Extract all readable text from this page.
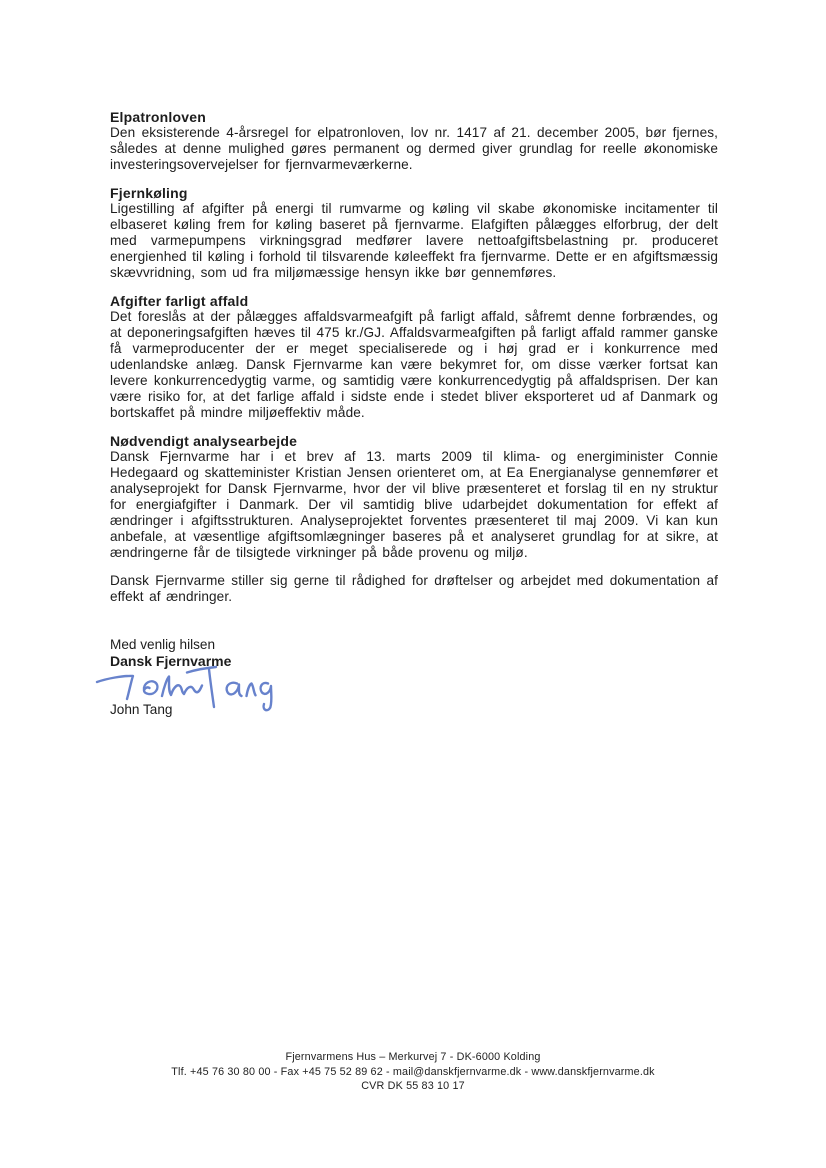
Elpatronloven

Den eksisterende 4-årsregel for elpatronloven, lov nr. 1417 af 21. december 2005, bør fjernes, således at denne mulighed gøres permanent og dermed giver grundlag for reelle økonomiske investeringsovervejelser for fjernvarmeværkerne.

Fjernkøling

Ligestilling af afgifter på energi til rumvarme og køling vil skabe økonomiske incitamenter til elbaseret køling frem for køling baseret på fjernvarme. Elafgiften pålægges elforbrug, der delt med varmepumpens virkningsgrad medfører lavere nettoafgiftsbelastning pr. produceret energienhed til køling i forhold til tilsvarende køleeffekt fra fjernvarme. Dette er en afgiftsmæssig skævvridning, som ud fra miljømæssige hensyn ikke bør gennemføres.

Afgifter farligt affald

Det foreslås at der pålægges affaldsvarmeafgift på farligt affald, såfremt denne forbrændes, og at deponeringsafgiften hæves til 475 kr./GJ. Affaldsvarmeafgiften på farligt affald rammer ganske få varmeproducenter der er meget specialiserede og i høj grad er i konkurrence med udenlandske anlæg. Dansk Fjernvarme kan være bekymret for, om disse værker fortsat kan levere konkurrencedygtig varme, og samtidig være konkurrencedygtig på affaldsprisen. Der kan være risiko for, at det farlige affald i sidste ende i stedet bliver eksporteret ud af Danmark og bortskaffet på mindre miljøeffektiv måde.

Nødvendigt analysearbejde

Dansk Fjernvarme har i et brev af 13. marts 2009 til klima- og energiminister Connie Hedegaard og skatteminister Kristian Jensen orienteret om, at Ea Energianalyse gennemfører et analyseprojekt for Dansk Fjernvarme, hvor der vil blive præsenteret et forslag til en ny struktur for energiafgifter i Danmark. Der vil samtidig blive udarbejdet dokumentation for effekt af ændringer i afgiftsstrukturen. Analyseprojektet forventes præsenteret til maj 2009. Vi kan kun anbefale, at væsentlige afgiftsomlægninger baseres på et analyseret grundlag for at sikre, at ændringerne får de tilsigtede virkninger på både provenu og miljø.

Dansk Fjernvarme stiller sig gerne til rådighed for drøftelser og arbejdet med dokumentation af effekt af ændringer.

Med venlig hilsen

Dansk Fjernvarme

John Tang

Fjernvarmens Hus – Merkurvej 7 - DK-6000 Kolding
Tlf. +45 76 30 80 00 - Fax +45 75 52 89 62 - mail@danskfjernvarme.dk - www.danskfjernvarme.dk
CVR DK 55 83 10 17
